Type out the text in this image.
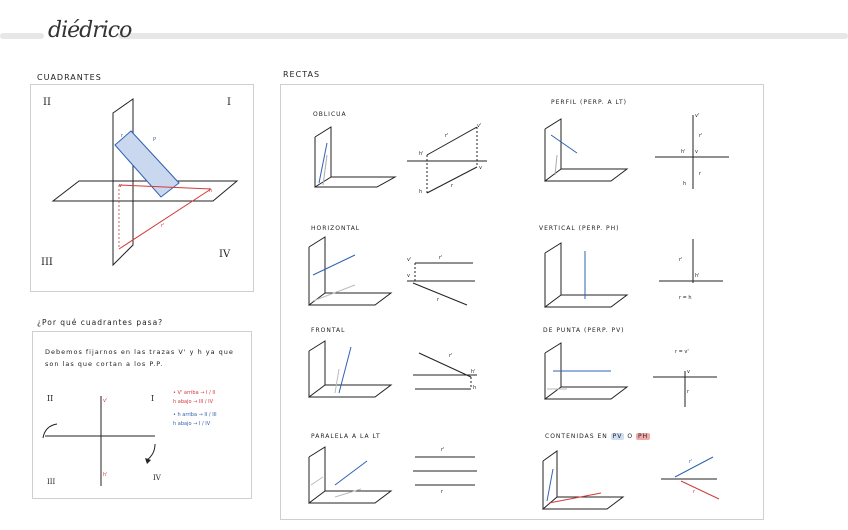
diédrico
CUADRANTES
II	I
III
IV
P
r
v
h
r'
¿Por qué cuadrantes pasa?
Debemos fijarnos en las trazas V' y h ya que son las que cortan a los P.P.
II	I
III	IV
v'
h'
• V' arriba → I / II
h abajo → III / IV
• h arriba → II / III
h abajo → I / IV
RECTAS
OBLICUA
HORIZONTAL
FRONTAL
PARALELA A LA LT
PERFIL (PERP. A LT)
VERTICAL (PERP. PH)
DE PUNTA (PERP. PV)
CONTENIDAS EN PV O PH
r'
v'
h'
v
r
h
r'
v'
v
r
r'
h'
h
r'
r
v'
r'
h' v
r
h
r'
h'
r = h
r = v'
v
r
r'
r
